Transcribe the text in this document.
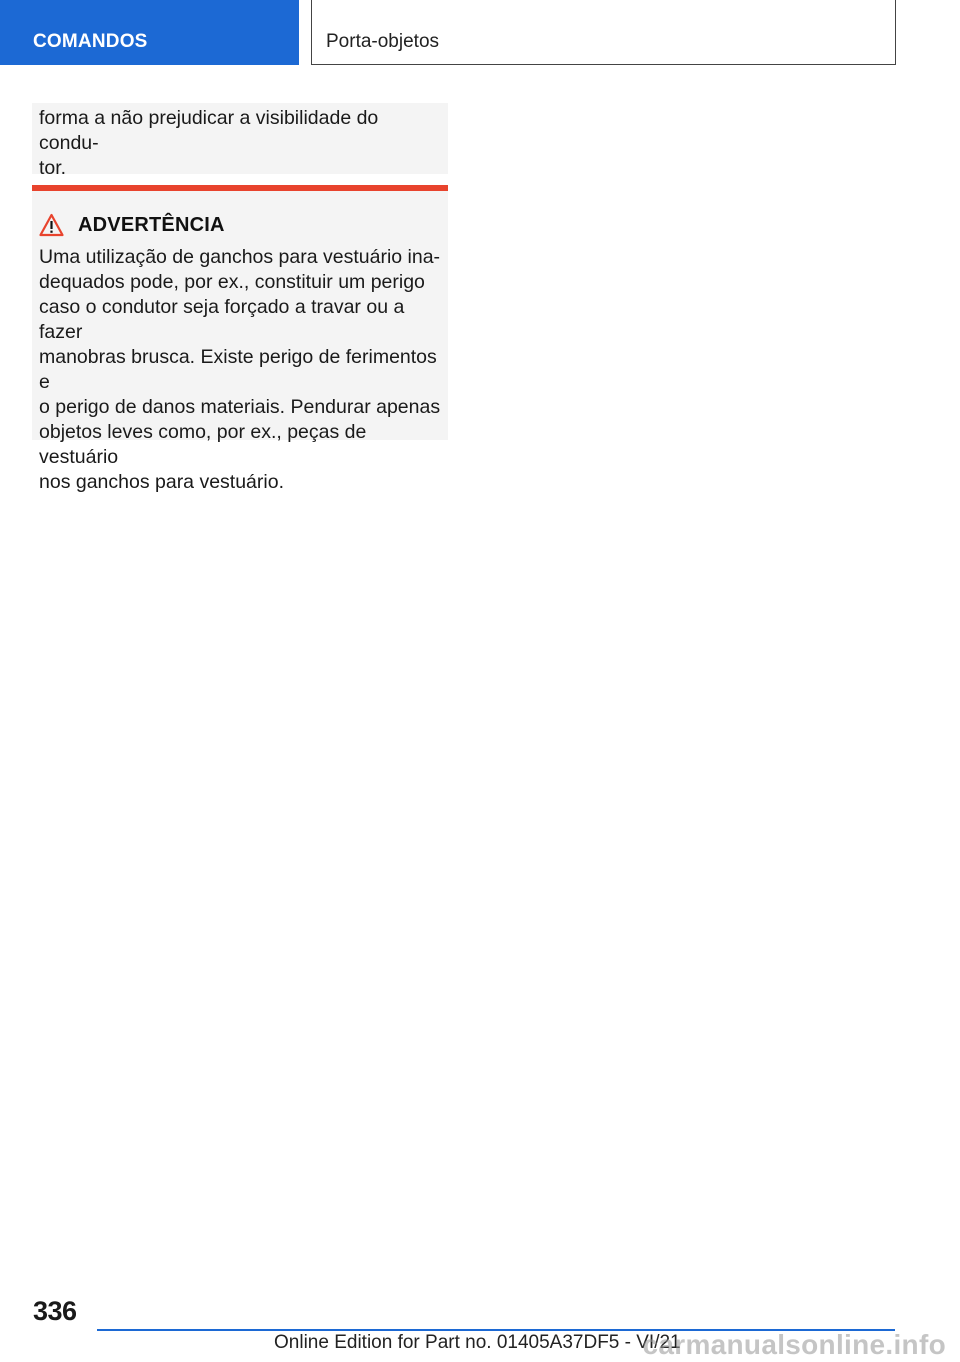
COMANDOS	Porta-objetos
forma a não prejudicar a visibilidade do condu-
tor.
ADVERTÊNCIA
Uma utilização de ganchos para vestuário ina-
dequados pode, por ex., constituir um perigo
caso o condutor seja forçado a travar ou a fazer
manobras brusca. Existe perigo de ferimentos e
o perigo de danos materiais. Pendurar apenas
objetos leves como, por ex., peças de vestuário
nos ganchos para vestuário.
336
Online Edition for Part no. 01405A37DF5 - VI/21
carmanualsonline.info
